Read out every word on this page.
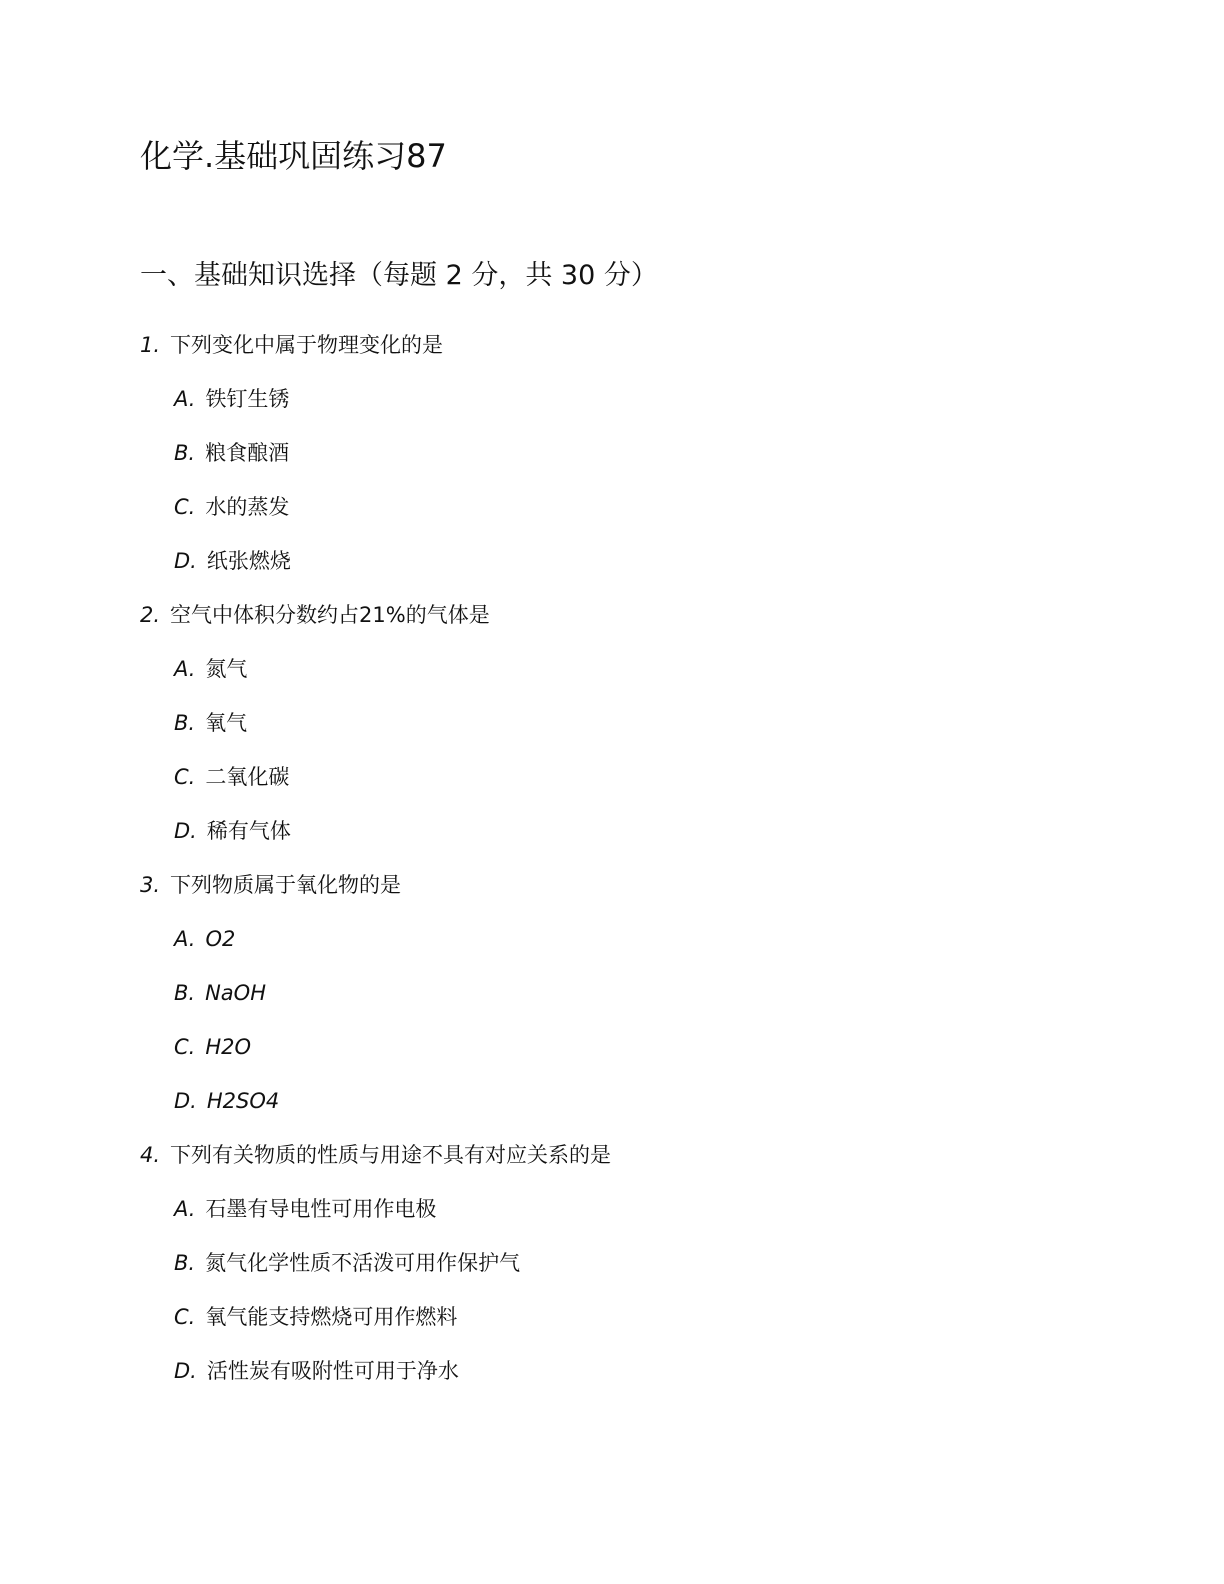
化学.基础巩固练习87
一、基础知识选择（每题 2 分，共 30 分）
1. 下列变化中属于物理变化的是
A. 铁钉生锈
B. 粮食酿酒
C. 水的蒸发
D. 纸张燃烧
2. 空气中体积分数约占21%的气体是
A. 氮气
B. 氧气
C. 二氧化碳
D. 稀有气体
3. 下列物质属于氧化物的是
A. O2
B. NaOH
C. H2O
D. H2SO4
4. 下列有关物质的性质与用途不具有对应关系的是
A. 石墨有导电性可用作电极
B. 氮气化学性质不活泼可用作保护气
C. 氧气能支持燃烧可用作燃料
D. 活性炭有吸附性可用于净水
